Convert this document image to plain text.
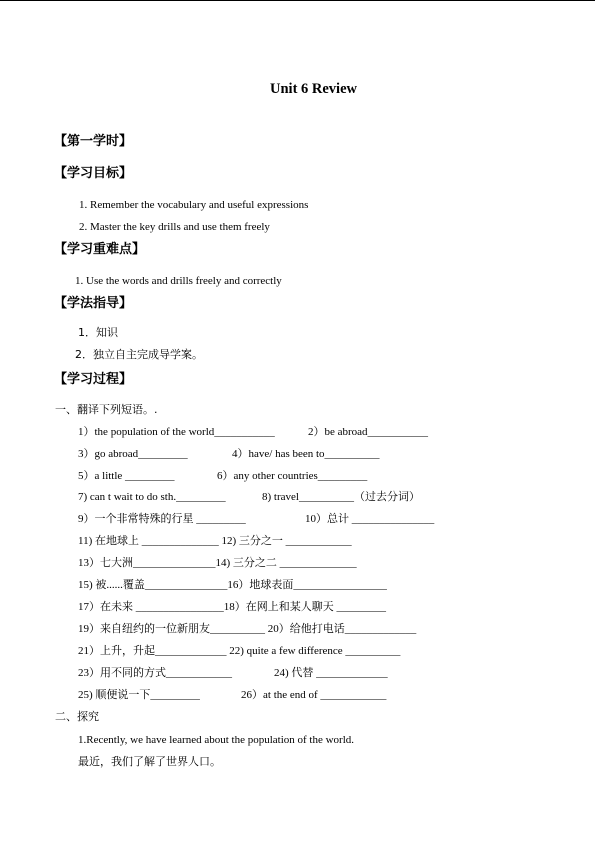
Unit 6 Review
【第一学时】
【学习目标】
1. Remember the vocabulary and useful expressions
2. Master the key drills and use them freely
【学习重难点】
1. Use the words and drills freely and correctly
【学法指导】
1．知识
2．独立自主完成导学案。
【学习过程】
一、翻译下列短语。.
1）the population of the world___________	2）be abroad___________
3）go abroad_________	4）have/ has been to__________
5）a little _________	6）any other countries_________
7) can t wait to do sth._________	8) travel__________（过去分词）
9）一个非常特殊的行星 _________	10）总计 _______________
11) 在地球上 ______________ 12) 三分之一 ____________
13）七大洲_______________14) 三分之二 ______________
15) 被......覆盖_______________16）地球表面_________________
17）在未来 ________________18）在网上和某人聊天 _________
19）来自纽约的一位新朋友__________ 20）给他打电话_____________
21）上升，升起_____________ 22) quite a few difference __________
23）用不同的方式____________	24) 代替 _____________
25) 顺便说一下_________	26）at the end of ____________
二、探究
1.Recently, we have learned about the population of the world.
最近，我们了解了世界人口。
